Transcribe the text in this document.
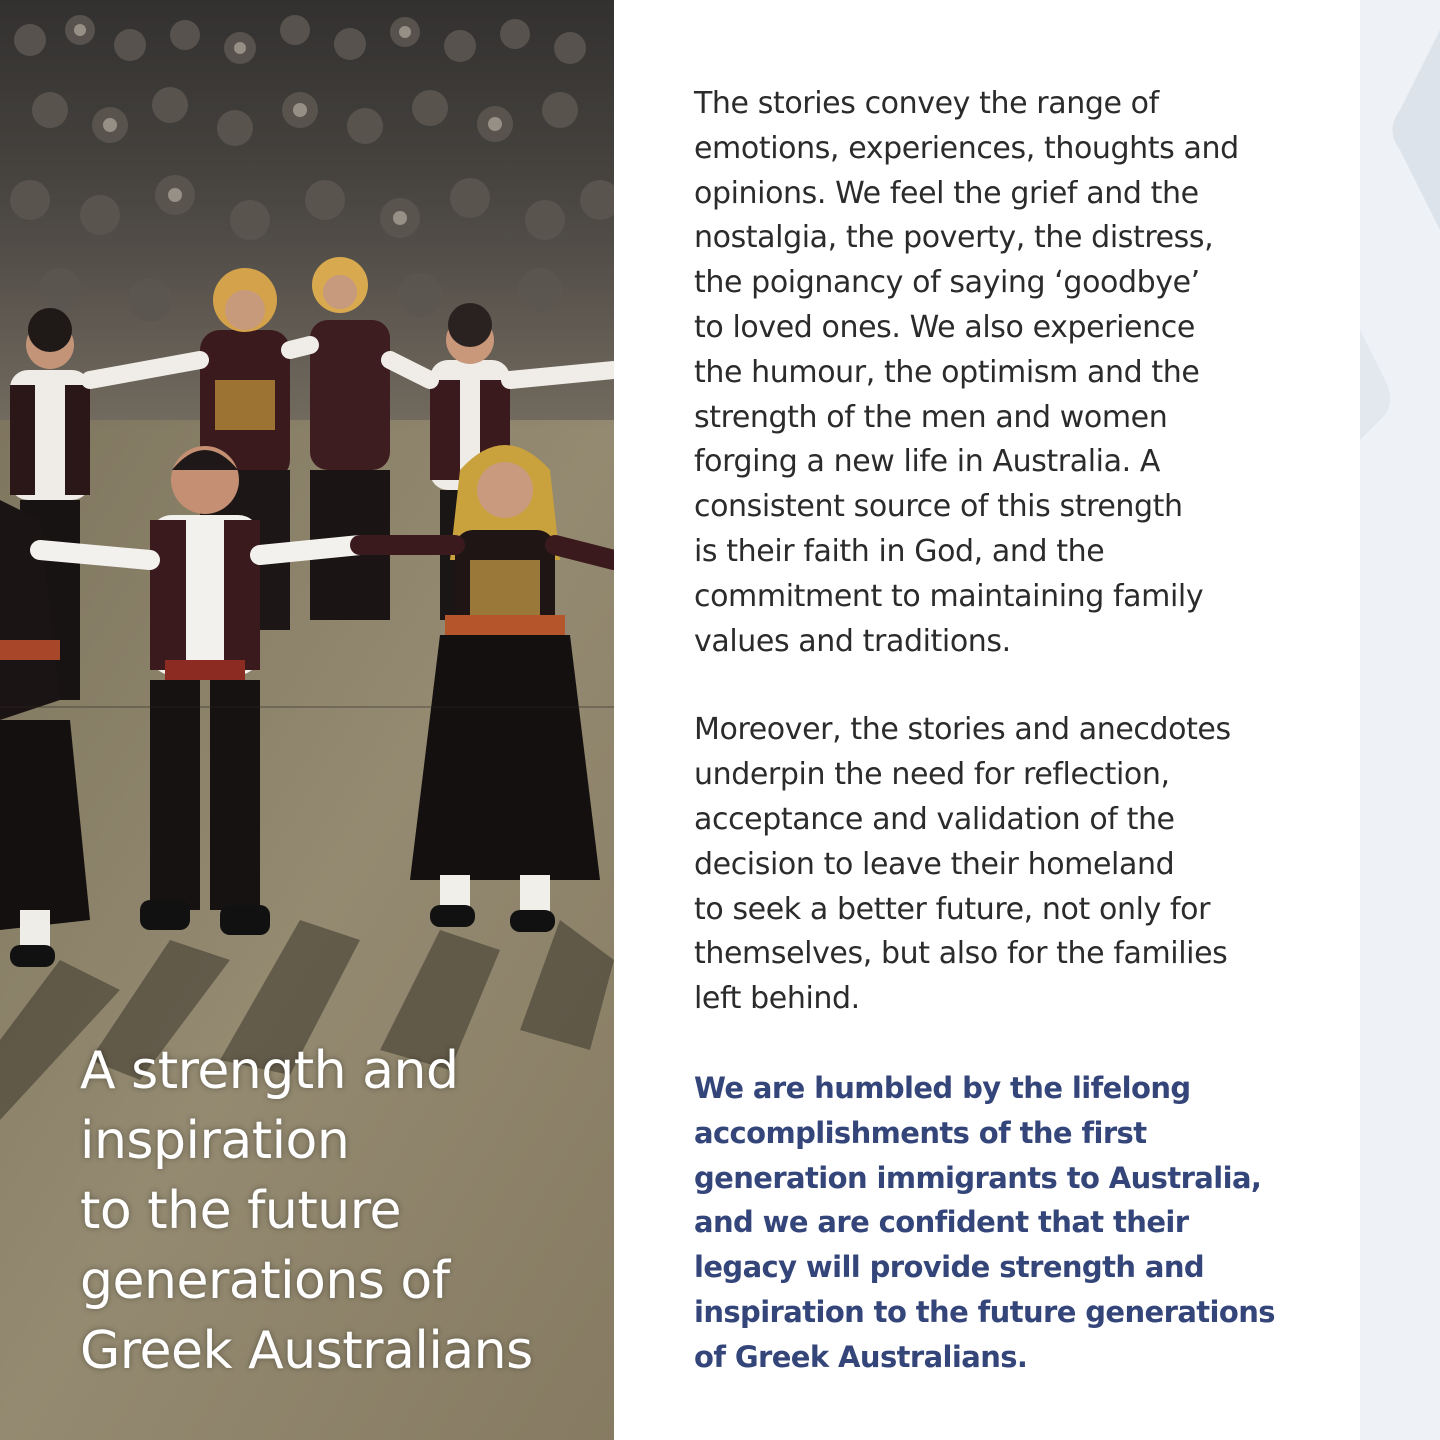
A strength and
inspiration
to the future
generations of
Greek Australians

The stories convey the range of
emotions, experiences, thoughts and
opinions. We feel the grief and the
nostalgia, the poverty, the distress,
the poignancy of saying ‘goodbye’
to loved ones. We also experience
the humour, the optimism and the
strength of the men and women
forging a new life in Australia. A
consistent source of this strength
is their faith in God, and the
commitment to maintaining family
values and traditions.

Moreover, the stories and anecdotes
underpin the need for reflection,
acceptance and validation of the
decision to leave their homeland
to seek a better future, not only for
themselves, but also for the families
left behind.

We are humbled by the lifelong
accomplishments of the first
generation immigrants to Australia,
and we are confident that their
legacy will provide strength and
inspiration to the future generations
of Greek Australians.
